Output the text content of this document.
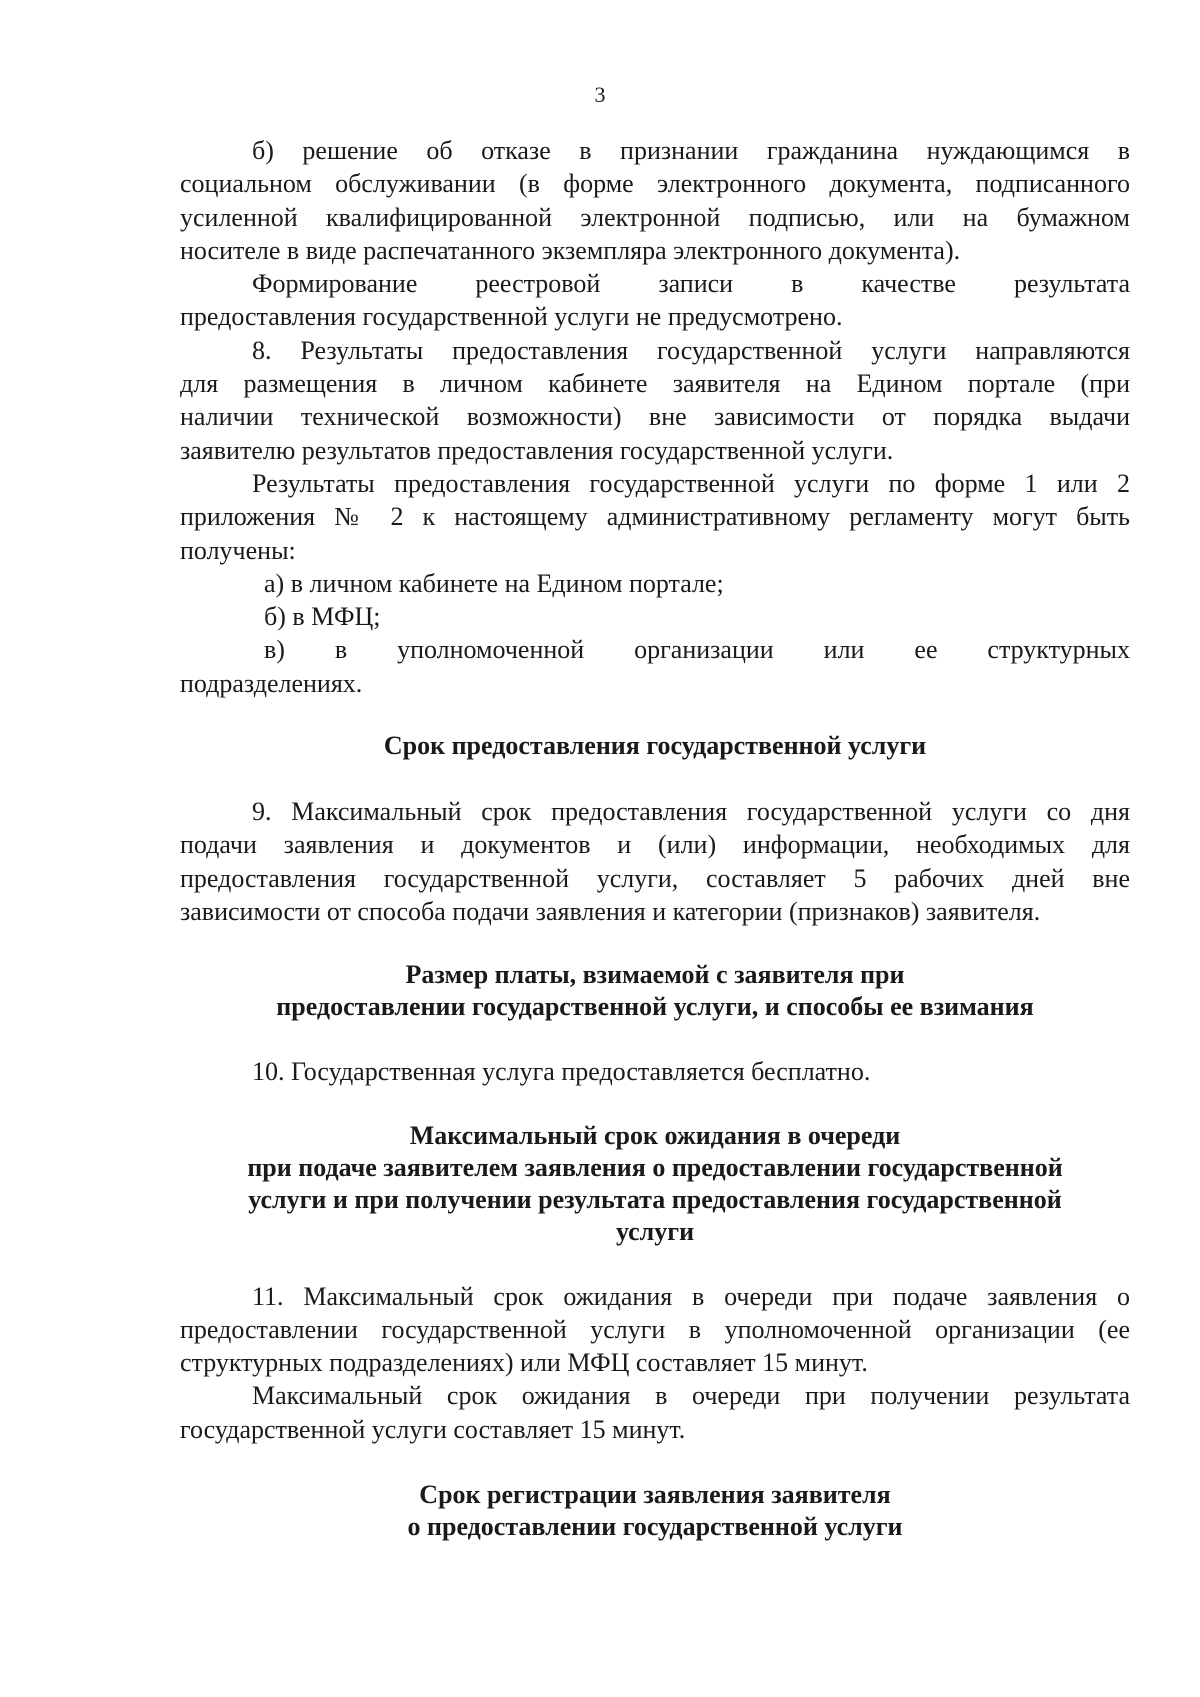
3
б) решение об отказе в признании гражданина нуждающимся в
социальном обслуживании (в форме электронного документа, подписанного
усиленной квалифицированной электронной подписью, или на бумажном
носителе в виде распечатанного экземпляра электронного документа).
Формирование реестровой записи в качестве результата
предоставления государственной услуги не предусмотрено.
8. Результаты предоставления государственной услуги направляются
для размещения в личном кабинете заявителя на Едином портале (при
наличии технической возможности) вне зависимости от порядка выдачи
заявителю результатов предоставления государственной услуги.
Результаты предоставления государственной услуги по форме 1 или 2
приложения № 2 к настоящему административному регламенту могут быть
получены:
а) в личном кабинете на Едином портале;
б) в МФЦ;
в) в уполномоченной организации или ее структурных
подразделениях.
Срок предоставления государственной услуги
9. Максимальный срок предоставления государственной услуги со дня
подачи заявления и документов и (или) информации, необходимых для
предоставления государственной услуги, составляет 5 рабочих дней вне
зависимости от способа подачи заявления и категории (признаков) заявителя.
Размер платы, взимаемой с заявителя при
предоставлении государственной услуги, и способы ее взимания
10. Государственная услуга предоставляется бесплатно.
Максимальный срок ожидания в очереди
при подаче заявителем заявления о предоставлении государственной
услуги и при получении результата предоставления государственной
услуги
11. Максимальный срок ожидания в очереди при подаче заявления о
предоставлении государственной услуги в уполномоченной организации (ее
структурных подразделениях) или МФЦ составляет 15 минут.
Максимальный срок ожидания в очереди при получении результата
государственной услуги составляет 15 минут.
Срок регистрации заявления заявителя
о предоставлении государственной услуги
